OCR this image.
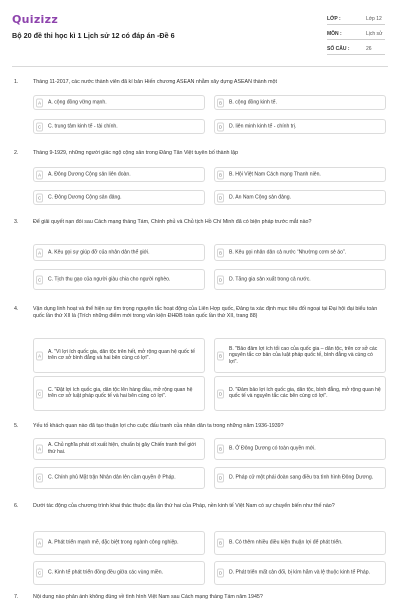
Quizizz
Bộ 20 đề thi học kì 1 Lịch sử 12 có đáp án -Đề 6
LỚP :	Lớp 12
MÔN :	Lịch sử
SỐ CÂU :	26
1.	Tháng 11-2017, các nước thành viên đã kí bản Hiến chương ASEAN nhằm xây dựng ASEAN thành một
A	A. cộng đồng vững mạnh.	B	B. cộng đồng kinh tế.
C	C. trung tâm kinh tế - tài chính.	D	D. liên minh kinh tế - chính trị.
2.	Tháng 9-1929, những người giác ngộ cộng sản trong Đảng Tân Việt tuyên bố thành lập
A	A. Đông Dương Cộng sản liên đoàn.	B	B. Hội Việt Nam Cách mạng Thanh niên.
C	C. Đông Dương Cộng sản đảng.	D	D. An Nam Cộng sản đảng.
3.	Để giải quyết nạn đói sau Cách mạng tháng Tám, Chính phủ và Chủ tịch Hồ Chí Minh đã có biện pháp trước mắt nào?
A	A. Kêu gọi sự giúp đỡ của nhân dân thế giới.	B	B. Kêu gọi nhân dân cả nước “Nhường cơm sẻ áo”.
C	C. Tịch thu gạo của người giàu chia cho người nghèo.	D	D. Tăng gia sản xuất trong cả nước.
4.	Vận dụng linh hoạt và thể hiện sự tìm trọng nguyên tắc hoạt động của Liên Hợp quốc, Đảng ta xác định mục tiêu đối ngoại tại Đại hội đại biểu toàn quốc lần thứ XII là (Trích những điểm mới trong văn kiện ĐHĐB toàn quốc lần thứ XII, trang 88)
A
A. "Vì lợi ích quốc gia, dân tộc trên hết, mở rộng quan hệ quốc tế trên cơ sở bình đẳng và hai bên cùng có lợi".	B
B. "Bảo đảm lợi ích tối cao của quốc gia – dân tộc, trên cơ sở các nguyên tắc cơ bản của luật pháp quốc tế, bình đẳng và cùng có lợi".
C
C. "Đặt lợi ích quốc gia, dân tộc lên hàng đầu, mở rộng quan hệ trên cơ sở luật pháp quốc tế và hai bên cùng có lợi".	D
D. "Đảm bảo lợi ích quốc gia, dân tộc, bình đẳng, mở rộng quan hệ quốc tế và nguyên tắc các bên cùng có lợi".
5.	Yếu tố khách quan nào đã tạo thuận lợi cho cuộc đấu tranh của nhân dân ta trong những năm 1936-1939?
A
A. Chủ nghĩa phát xít xuất hiện, chuẩn bị gây Chiến tranh thế giới thứ hai.	B	B. Ở Đông Dương có toàn quyền mới.
C	C. Chính phủ Mặt trận Nhân dân lên cầm quyền ở Pháp.	D	D. Pháp cử một phái đoàn sang điều tra tình hình Đông Dương.
6.	Dưới tác động của chương trình khai thác thuộc địa lần thứ hai của Pháp, nền kinh tế Việt Nam có sự chuyển biến như thế nào?
A	A. Phát triển mạnh mẽ, đặc biệt trong ngành công nghiệp.	B	B. Có thêm nhiều điều kiện thuận lợi để phát triển.
C	C. Kinh tế phát triển đồng đều giữa các vùng miền.	D	D. Phát triển mất cân đối, bị kìm hãm và lệ thuộc kinh tế Pháp.
7.	Nội dung nào phản ánh không đúng về tình hình Việt Nam sau Cách mạng tháng Tám năm 1945?
